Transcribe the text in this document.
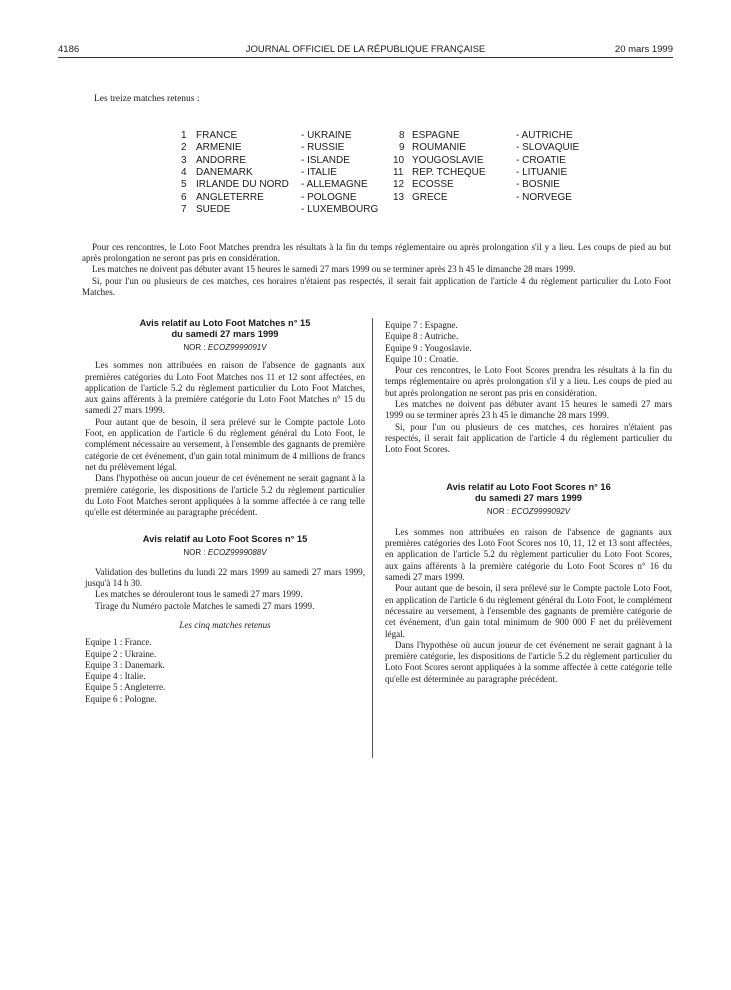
4186	JOURNAL OFFICIEL DE LA RÉPUBLIQUE FRANÇAISE	20 mars 1999
Les treize matches retenus :
1 FRANCE	- UKRAINE
2 ARMENIE	- RUSSIE
3 ANDORRE	- ISLANDE
4 DANEMARK	- ITALIE
5 IRLANDE DU NORD - ALLEMAGNE
6 ANGLETERRE	- POLOGNE
7 SUEDE	- LUXEMBOURG
8 ESPAGNE	- AUTRICHE
9 ROUMANIE	- SLOVAQUIE
10 YOUGOSLAVIE	- CROATIE
11 REP. TCHEQUE	- LITUANIE
12 ECOSSE	- BOSNIE
13 GRECE	- NORVEGE

Pour ces rencontres, le Loto Foot Matches prendra les résultats à la fin du temps réglementaire ou après prolongation s'il y a lieu. Les coups de pied au but après prolongation ne seront pas pris en considération.

Les matches ne doivent pas débuter avant 15 heures le samedi 27 mars 1999 ou se terminer après 23 h 45 le dimanche 28 mars 1999.

Si, pour l'un ou plusieurs de ces matches, ces horaires n'étaient pas respectés, il serait fait application de l'article 4 du règlement particulier du Loto Foot Matches.

Avis relatif au Loto Foot Matches n° 15
du samedi 27 mars 1999
NOR : ECOZ9999091V

Les sommes non attribuées en raison de l'absence de gagnants aux premières catégories du Loto Foot Matches nos 11 et 12 sont affectées, en application de l'article 5.2 du règlement particulier du Loto Foot Matches, aux gains afférents à la première catégorie du Loto Foot Matches n° 15 du samedi 27 mars 1999.

Pour autant que de besoin, il sera prélevé sur le Compte pactole Loto Foot, en application de l'article 6 du règlement général du Loto Foot, le complément nécessaire au versement, à l'ensemble des gagnants de première catégorie de cet événement, d'un gain total minimum de 4 millions de francs net du prélèvement légal.

Dans l'hypothèse où aucun joueur de cet événement ne serait gagnant à la première catégorie, les dispositions de l'article 5.2 du règlement particulier du Loto Foot Matches seront appliquées à la somme affectée à ce rang telle qu'elle est déterminée au paragraphe précédent.

Avis relatif au Loto Foot Scores n° 15
NOR : ECOZ9999088V

Validation des bulletins du lundi 22 mars 1999 au samedi 27 mars 1999, jusqu'à 14 h 30.

Les matches se dérouleront tous le samedi 27 mars 1999.

Tirage du Numéro pactole Matches le samedi 27 mars 1999.

Les cinq matches retenus
Equipe 1 : France.
Equipe 2 : Ukraine.
Equipe 3 : Danemark.
Equipe 4 : Italie.
Equipe 5 : Angleterre.
Equipe 6 : Pologne.
Equipe 7 : Espagne.
Equipe 8 : Autriche.
Equipe 9 : Yougoslavie.
Equipe 10 : Croatie.

Pour ces rencontres, le Loto Foot Scores prendra les résultats à la fin du temps réglementaire ou après prolongation s'il y a lieu. Les coups de pied au but après prolongation ne seront pas pris en considération.

Les matches ne doivent pas débuter avant 15 heures le samedi 27 mars 1999 ou se terminer après 23 h 45 le dimanche 28 mars 1999.

Si, pour l'un ou plusieurs de ces matches, ces horaires n'étaient pas respectés, il serait fait application de l'article 4 du règlement particulier du Loto Foot Scores.

Avis relatif au Loto Foot Scores n° 16
du samedi 27 mars 1999
NOR : ECOZ9999092V

Les sommes non attribuées en raison de l'absence de gagnants aux premières catégories des Loto Foot Scores nos 10, 11, 12 et 13 sont affectées, en application de l'article 5.2 du règlement particulier du Loto Foot Scores, aux gains afférents à la première catégorie du Loto Foot Scores n° 16 du samedi 27 mars 1999.

Pour autant que de besoin, il sera prélevé sur le Compte pactole Loto Foot, en application de l'article 6 du règlement général du Loto Foot, le complément nécessaire au versement, à l'ensemble des gagnants de première catégorie de cet événement, d'un gain total minimum de 900 000 F net du prélèvement légal.

Dans l'hypothèse où aucun joueur de cet événement ne serait gagnant à la première catégorie, les dispositions de l'article 5.2 du règlement particulier du Loto Foot Scores seront appliquées à la somme affectée à cette catégorie telle qu'elle est déterminée au paragraphe précédent.
